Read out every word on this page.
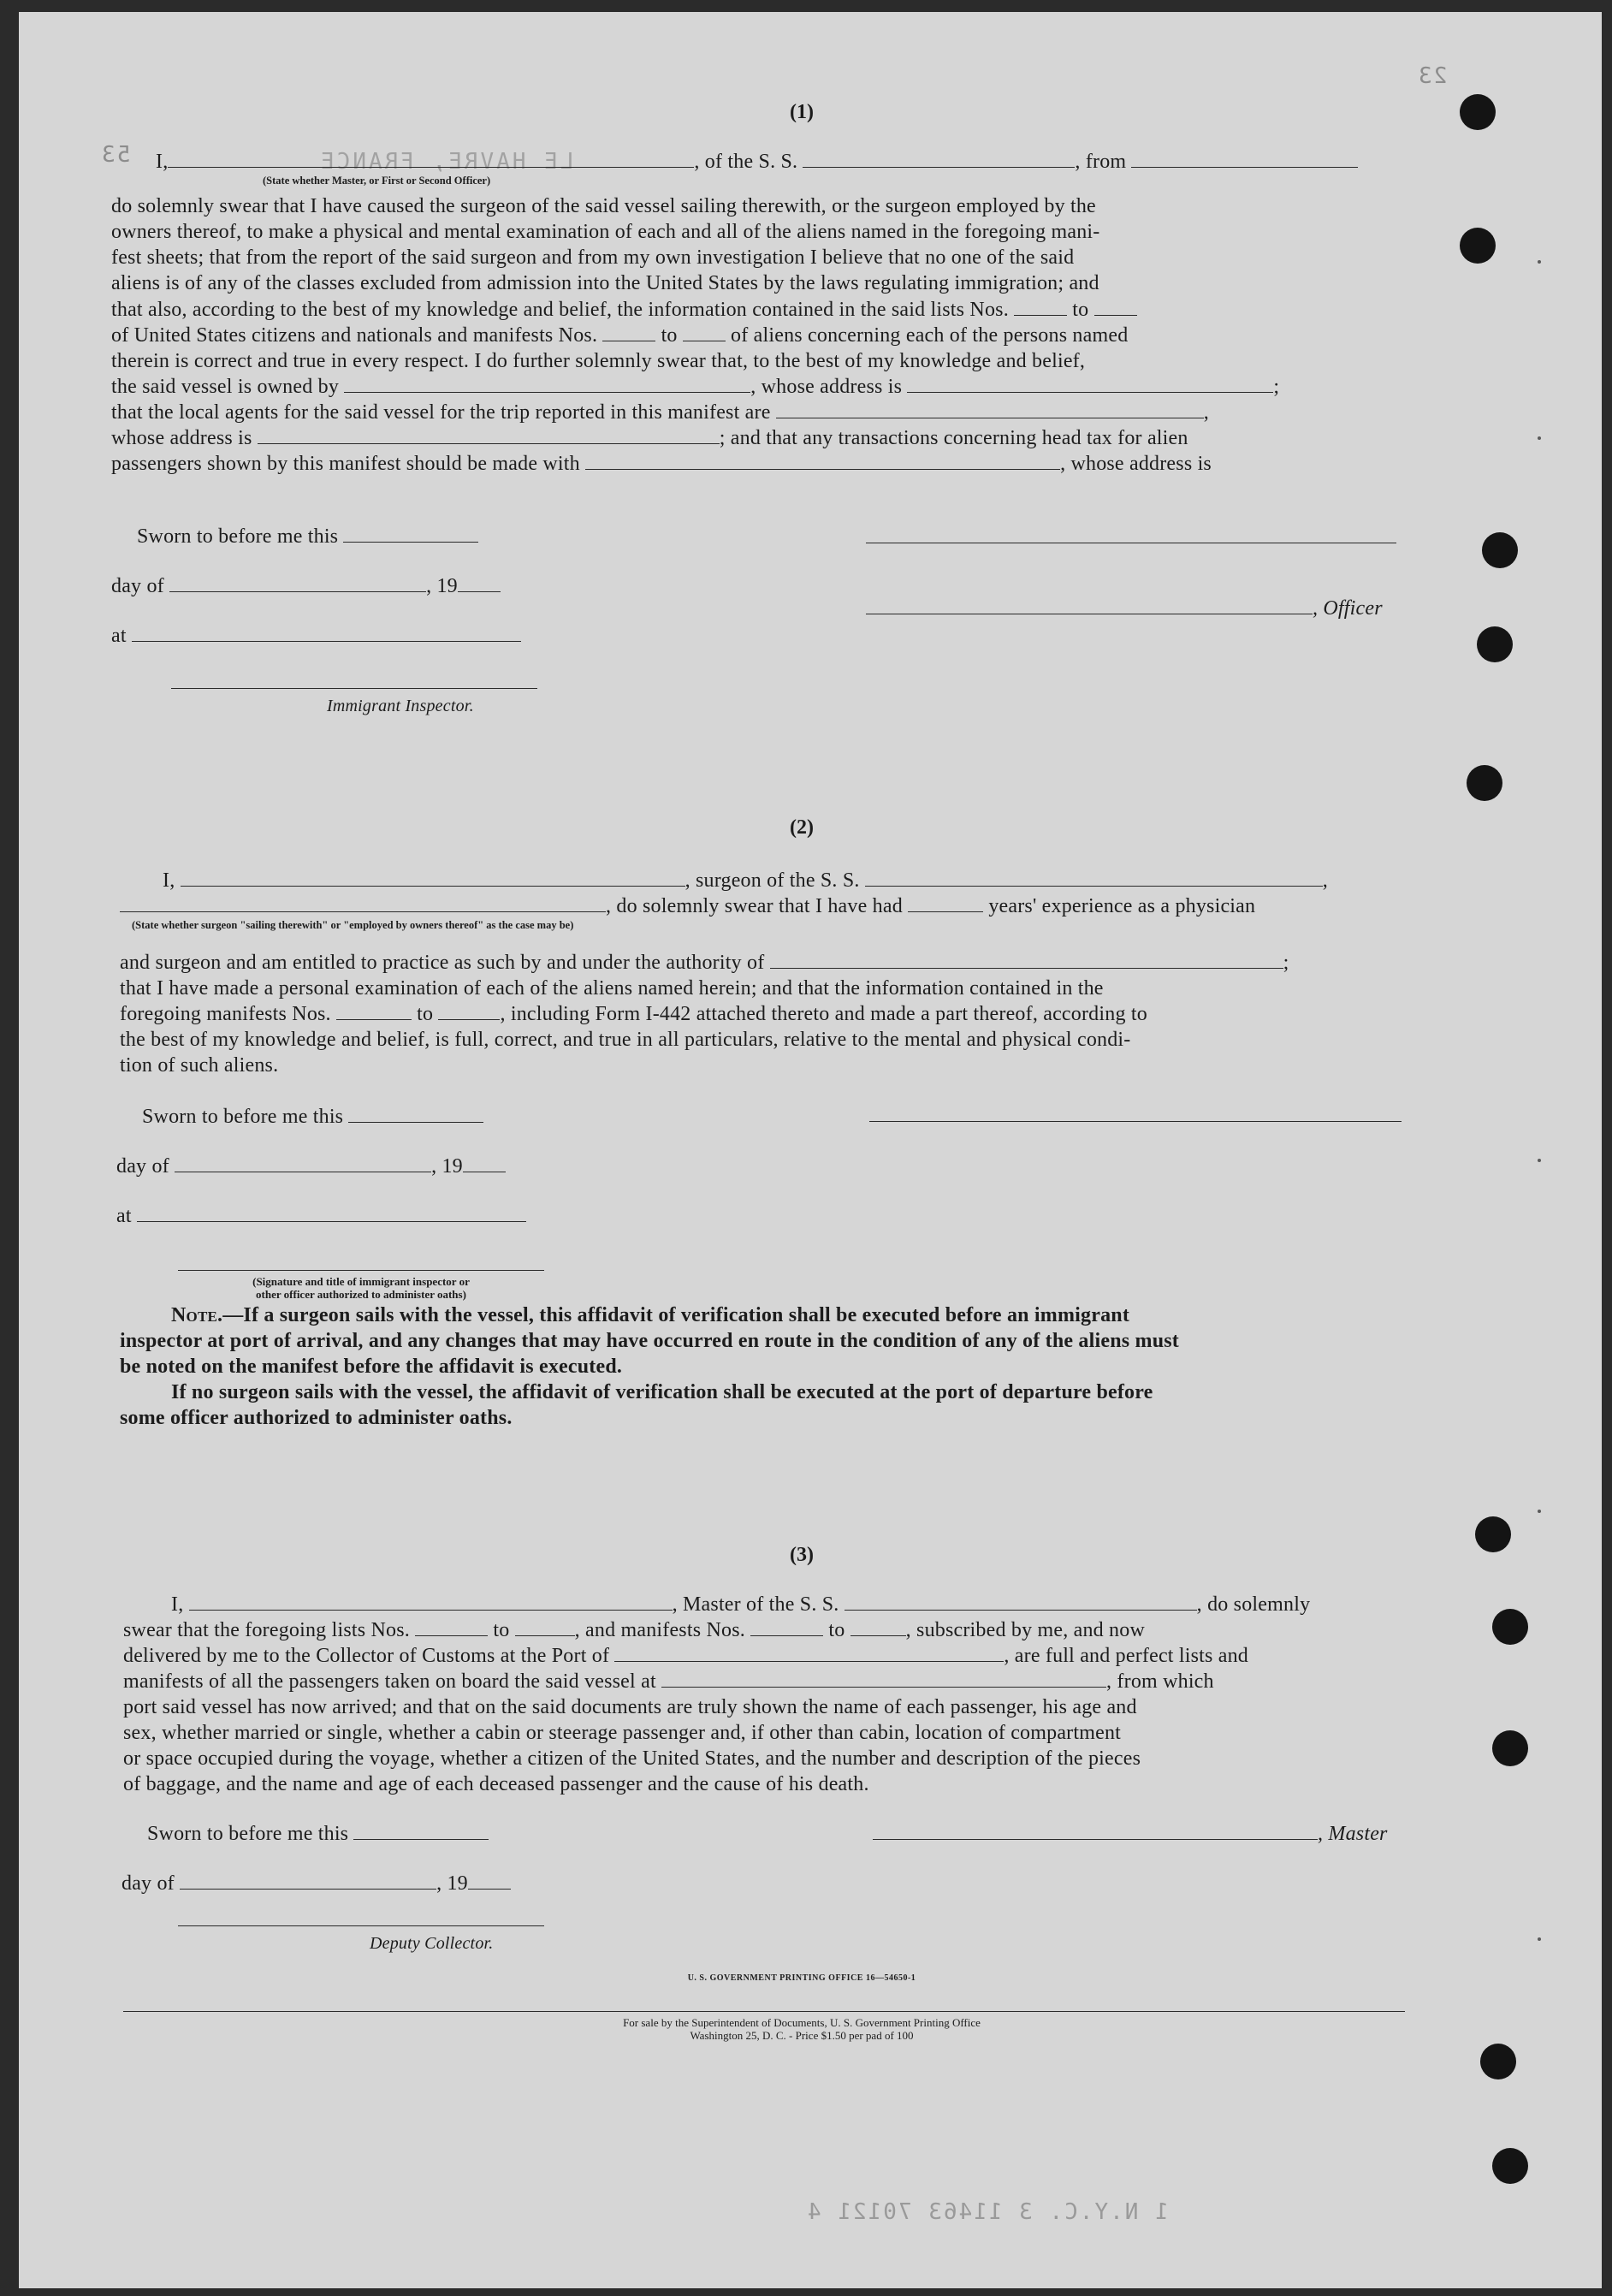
LE HAVRE, FRANCE
53
23
1 N.Y.C. 3 11463 70121 4
(1)
I,	, of the S. S.	, from
(State whether Master, or First or Second Officer)
do solemnly swear that I have caused the surgeon of the said vessel sailing therewith, or the surgeon employed by the
owners thereof, to make a physical and mental examination of each and all of the aliens named in the foregoing mani-
fest sheets; that from the report of the said surgeon and from my own investigation I believe that no one of the said
aliens is of any of the classes excluded from admission into the United States by the laws regulating immigration; and
that also, according to the best of my knowledge and belief, the information contained in the said lists Nos.	to
of United States citizens and nationals and manifests Nos.	to	of aliens concerning each of the persons named
therein is correct and true in every respect. I do further solemnly swear that, to the best of my knowledge and belief,
the said vessel is owned by	, whose address is	;
that the local agents for the said vessel for the trip reported in this manifest are	,
whose address is	; and that any transactions concerning head tax for alien
passengers shown by this manifest should be made with	, whose address is
Sworn to before me this
day of	, 19
at
, Officer
Immigrant Inspector.
(2)
I,	, surgeon of the S. S.	,
, do solemnly swear that I have had	years' experience as a physician
(State whether surgeon "sailing therewith" or "employed by owners thereof" as the case may be)
and surgeon and am entitled to practice as such by and under the authority of	;
that I have made a personal examination of each of the aliens named herein; and that the information contained in the
foregoing manifests Nos.	to	, including Form I-442 attached thereto and made a part thereof, according to
the best of my knowledge and belief, is full, correct, and true in all particulars, relative to the mental and physical condi-
tion of such aliens.
Sworn to before me this
day of	, 19
at
(Signature and title of immigrant inspector or
other officer authorized to administer oaths)
Note.—If a surgeon sails with the vessel, this affidavit of verification shall be executed before an immigrant
inspector at port of arrival, and any changes that may have occurred en route in the condition of any of the aliens must
be noted on the manifest before the affidavit is executed.
If no surgeon sails with the vessel, the affidavit of verification shall be executed at the port of departure before
some officer authorized to administer oaths.
(3)
I,	, Master of the S. S.	, do solemnly
swear that the foregoing lists Nos.	to	, and manifests Nos.	to	, subscribed by me, and now
delivered by me to the Collector of Customs at the Port of	, are full and perfect lists and
manifests of all the passengers taken on board the said vessel at	, from which
port said vessel has now arrived; and that on the said documents are truly shown the name of each passenger, his age and
sex, whether married or single, whether a cabin or steerage passenger and, if other than cabin, location of compartment
or space occupied during the voyage, whether a citizen of the United States, and the number and description of the pieces
of baggage, and the name and age of each deceased passenger and the cause of his death.
Sworn to before me this	, Master
day of	, 19
Deputy Collector.
U. S. GOVERNMENT PRINTING OFFICE 16—54650-1
For sale by the Superintendent of Documents, U. S. Government Printing Office
Washington 25, D. C. - Price $1.50 per pad of 100
